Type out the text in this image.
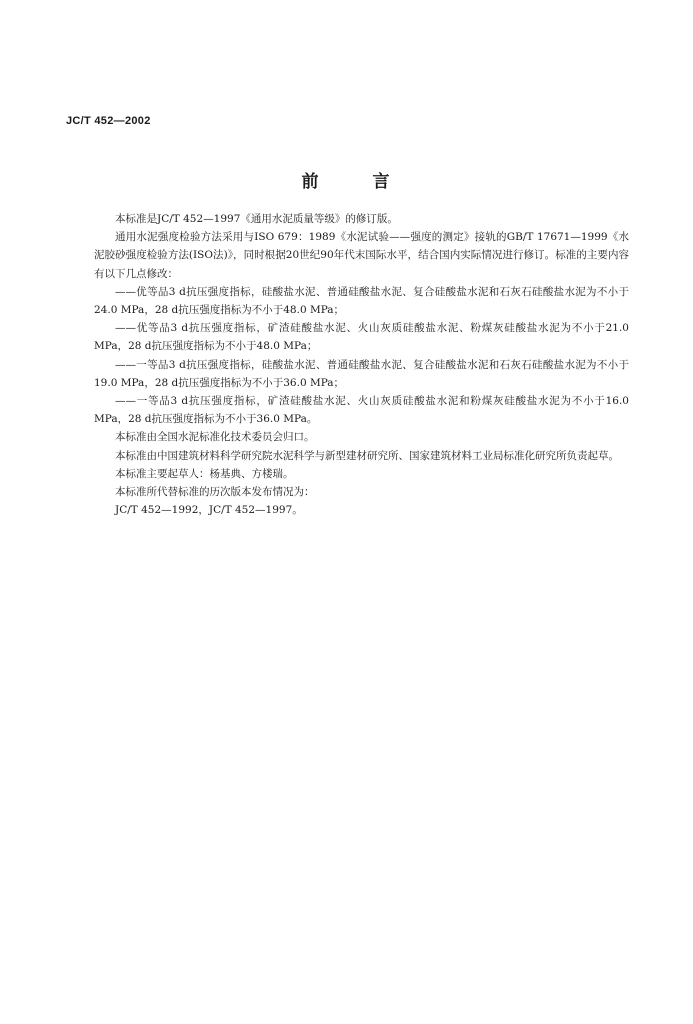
JC/T 452—2002
前	言

本标准是JC/T 452—1997《通用水泥质量等级》的修订版。

通用水泥强度检验方法采用与ISO 679：1989《水泥试验——强度的测定》接轨的GB/T 17671—1999《水泥胶砂强度检验方法(ISO法)》，同时根据20世纪90年代末国际水平，结合国内实际情况进行修订。标准的主要内容有以下几点修改：

——优等品3 d抗压强度指标，硅酸盐水泥、普通硅酸盐水泥、复合硅酸盐水泥和石灰石硅酸盐水泥为不小于24.0 MPa，28 d抗压强度指标为不小于48.0 MPa；

——优等品3 d抗压强度指标，矿渣硅酸盐水泥、火山灰质硅酸盐水泥、粉煤灰硅酸盐水泥为不小于21.0 MPa，28 d抗压强度指标为不小于48.0 MPa；

——一等品3 d抗压强度指标，硅酸盐水泥、普通硅酸盐水泥、复合硅酸盐水泥和石灰石硅酸盐水泥为不小于19.0 MPa，28 d抗压强度指标为不小于36.0 MPa；

——一等品3 d抗压强度指标，矿渣硅酸盐水泥、火山灰质硅酸盐水泥和粉煤灰硅酸盐水泥为不小于16.0 MPa，28 d抗压强度指标为不小于36.0 MPa。

本标准由全国水泥标准化技术委员会归口。

本标准由中国建筑材料科学研究院水泥科学与新型建材研究所、国家建筑材料工业局标准化研究所负责起草。

本标准主要起草人：杨基典、方楼瑞。

本标准所代替标准的历次版本发布情况为：

JC/T 452—1992，JC/T 452—1997。
